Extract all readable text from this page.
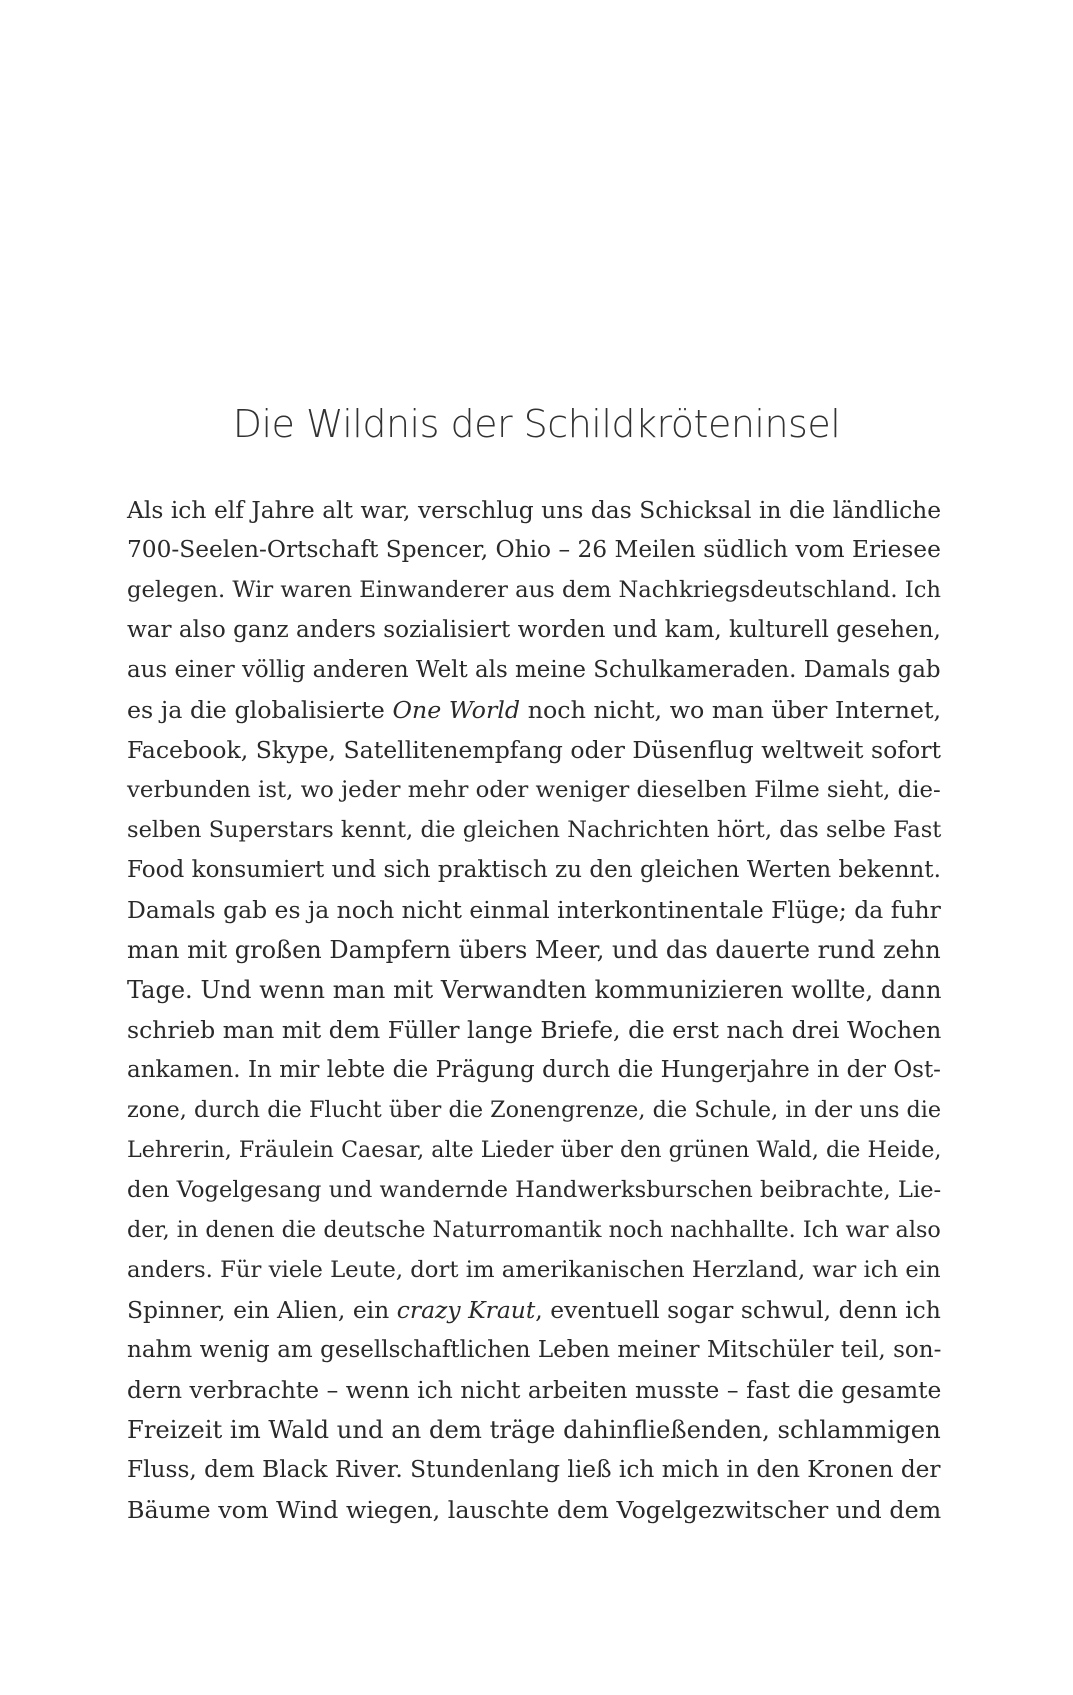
Die Wildnis der Schildkröteninsel
Als ich elf Jahre alt war, verschlug uns das Schicksal in die ländliche
700-Seelen-Ortschaft Spencer, Ohio – 26 Meilen südlich vom Eriesee
gelegen. Wir waren Einwanderer aus dem Nachkriegsdeutschland. Ich
war also ganz anders sozialisiert worden und kam, kulturell gesehen,
aus einer völlig anderen Welt als meine Schulkameraden. Damals gab
es ja die globalisierte One World noch nicht, wo man über Internet,
Facebook, Skype, Satellitenempfang oder Düsenflug weltweit sofort
verbunden ist, wo jeder mehr oder weniger dieselben Filme sieht, die-
selben Superstars kennt, die gleichen Nachrichten hört, das selbe Fast
Food konsumiert und sich praktisch zu den gleichen Werten bekennt.
Damals gab es ja noch nicht einmal interkontinentale Flüge; da fuhr
man mit großen Dampfern übers Meer, und das dauerte rund zehn
Tage. Und wenn man mit Verwandten kommunizieren wollte, dann
schrieb man mit dem Füller lange Briefe, die erst nach drei Wochen
ankamen. In mir lebte die Prägung durch die Hungerjahre in der Ost-
zone, durch die Flucht über die Zonengrenze, die Schule, in der uns die
Lehrerin, Fräulein Caesar, alte Lieder über den grünen Wald, die Heide,
den Vogelgesang und wandernde Handwerksburschen beibrachte, Lie-
der, in denen die deutsche Naturromantik noch nachhallte. Ich war also
anders. Für viele Leute, dort im amerikanischen Herzland, war ich ein
Spinner, ein Alien, ein crazy Kraut, eventuell sogar schwul, denn ich
nahm wenig am gesellschaftlichen Leben meiner Mitschüler teil, son-
dern verbrachte – wenn ich nicht arbeiten musste – fast die gesamte
Freizeit im Wald und an dem träge dahinfließenden, schlammigen
Fluss, dem Black River. Stundenlang ließ ich mich in den Kronen der
Bäume vom Wind wiegen, lauschte dem Vogelgezwitscher und dem
